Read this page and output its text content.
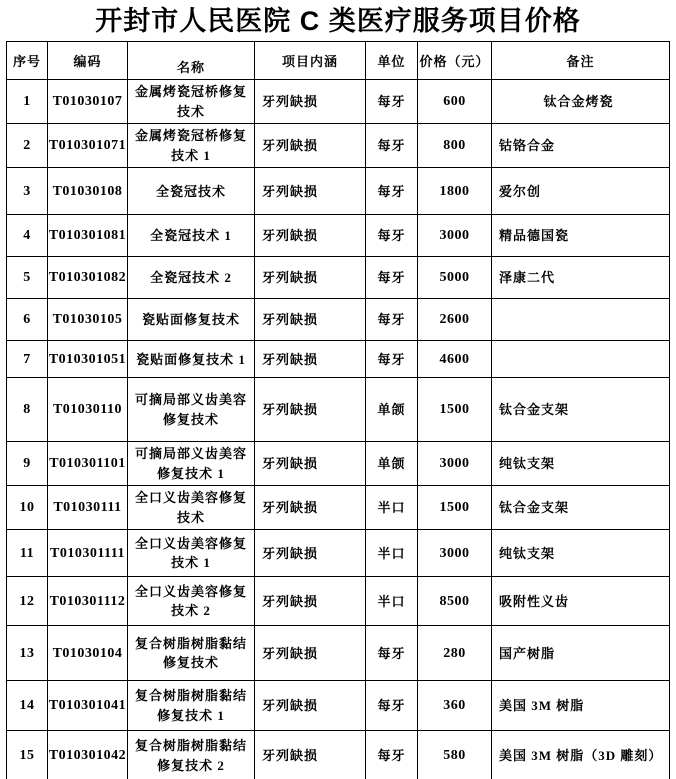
开封市人民医院 C 类医疗服务项目价格
序号	编码	名称	项目内涵	单位	价格（元）	备注
1	T01030107	金属烤瓷冠桥修复技术	牙列缺损	每牙	600	钛合金烤瓷
2	T010301071	金属烤瓷冠桥修复技术 1	牙列缺损	每牙	800	钴铬合金
3	T01030108	全瓷冠技术	牙列缺损	每牙	1800	爱尔创
4	T010301081	全瓷冠技术 1	牙列缺损	每牙	3000	精品德国瓷
5	T010301082	全瓷冠技术 2	牙列缺损	每牙	5000	泽康二代
6	T01030105	瓷贴面修复技术	牙列缺损	每牙	2600	
7	T010301051	瓷贴面修复技术 1	牙列缺损	每牙	4600	
8	T01030110	可摘局部义齿美容修复技术	牙列缺损	单颌	1500	钛合金支架
9	T010301101	可摘局部义齿美容修复技术 1	牙列缺损	单颌	3000	纯钛支架
10	T01030111	全口义齿美容修复技术	牙列缺损	半口	1500	钛合金支架
11	T010301111	全口义齿美容修复技术 1	牙列缺损	半口	3000	纯钛支架
12	T010301112	全口义齿美容修复技术 2	牙列缺损	半口	8500	吸附性义齿
13	T01030104	复合树脂树脂黏结修复技术	牙列缺损	每牙	280	国产树脂
14	T010301041	复合树脂树脂黏结修复技术 1	牙列缺损	每牙	360	美国 3M 树脂
15	T010301042	复合树脂树脂黏结修复技术 2	牙列缺损	每牙	580	美国 3M 树脂（3D 雕刻）
